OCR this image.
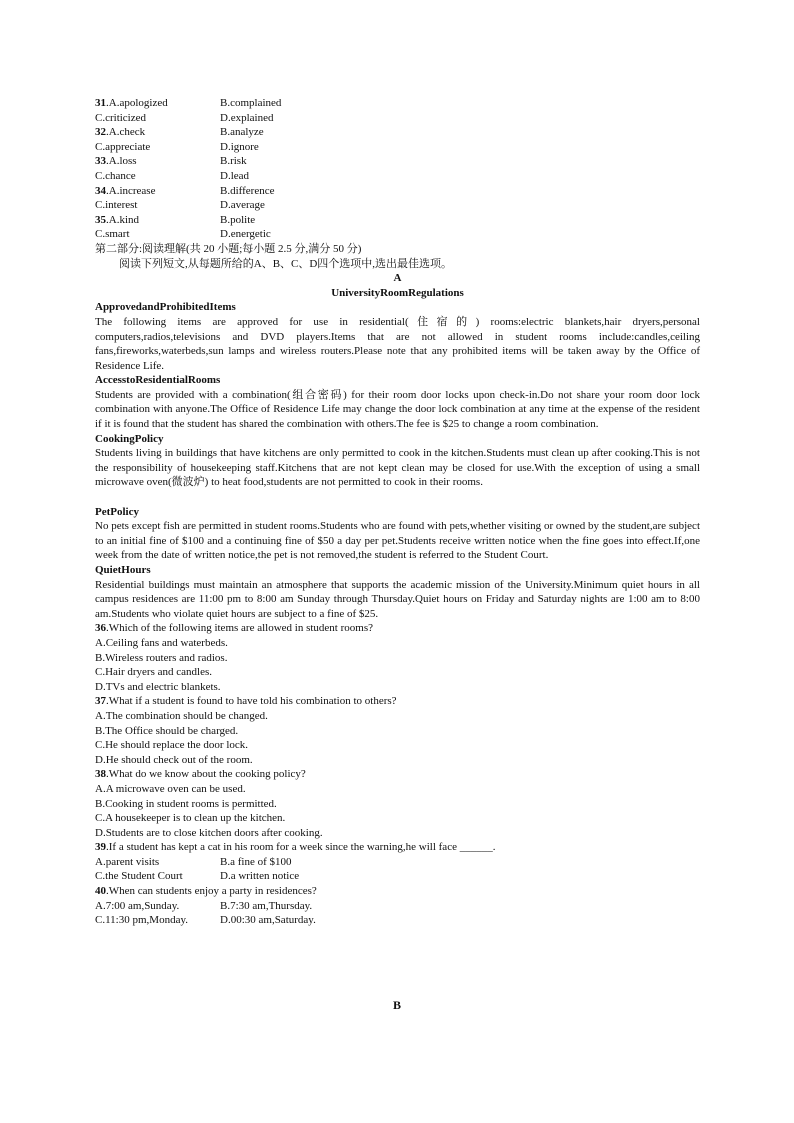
31.A.apologized	B.complained
C.criticized	D.explained
32.A.check	B.analyze
C.appreciate	D.ignore
33.A.loss	B.risk
C.chance	D.lead
34.A.increase	B.difference
C.interest	D.average
35.A.kind	B.polite
C.smart	D.energetic
第二部分:阅读理解(共 20 小题;每小题 2.5 分,满分 50 分)
阅读下列短文,从每题所给的A、B、C、D四个选项中,选出最佳选项。
A
UniversityRoomRegulations
ApprovedandProhibitedItems
The following items are approved for use in residential(住宿的) rooms:electric blankets,hair dryers,personal computers,radios,televisions and DVD players.Items that are not allowed in student rooms include:candles,ceiling fans,fireworks,waterbeds,sun lamps and wireless routers.Please note that any prohibited items will be taken away by the Office of Residence Life.
AccesstoResidentialRooms
Students are provided with a combination(组合密码) for their room door locks upon check-in.Do not share your room door lock combination with anyone.The Office of Residence Life may change the door lock combination at any time at the expense of the resident if it is found that the student has shared the combination with others.The fee is $25 to change a room combination.
CookingPolicy
Students living in buildings that have kitchens are only permitted to cook in the kitchen.Students must clean up after cooking.This is not the responsibility of housekeeping staff.Kitchens that are not kept clean may be closed for use.With the exception of using a small microwave oven(微波炉) to heat food,students are not permitted to cook in their rooms.
PetPolicy
No pets except fish are permitted in student rooms.Students who are found with pets,whether visiting or owned by the student,are subject to an initial fine of $100 and a continuing fine of $50 a day per pet.Students receive written notice when the fine goes into effect.If,one week from the date of written notice,the pet is not removed,the student is referred to the Student Court.
QuietHours
Residential buildings must maintain an atmosphere that supports the academic mission of the University.Minimum quiet hours in all campus residences are 11:00 pm to 8:00 am Sunday through Thursday.Quiet hours on Friday and Saturday nights are 1:00 am to 8:00 am.Students who violate quiet hours are subject to a fine of $25.
36.Which of the following items are allowed in student rooms?
A.Ceiling fans and waterbeds.
B.Wireless routers and radios.
C.Hair dryers and candles.
D.TVs and electric blankets.
37.What if a student is found to have told his combination to others?
A.The combination should be changed.
B.The Office should be charged.
C.He should replace the door lock.
D.He should check out of the room.
38.What do we know about the cooking policy?
A.A microwave oven can be used.
B.Cooking in student rooms is permitted.
C.A housekeeper is to clean up the kitchen.
D.Students are to close kitchen doors after cooking.
39.If a student has kept a cat in his room for a week since the warning,he will face ______.
A.parent visits	B.a fine of $100
C.the Student Court	D.a written notice
40.When can students enjoy a party in residences?
A.7:00 am,Sunday.	B.7:30 am,Thursday.
C.11:30 pm,Monday.	D.00:30 am,Saturday.
B
